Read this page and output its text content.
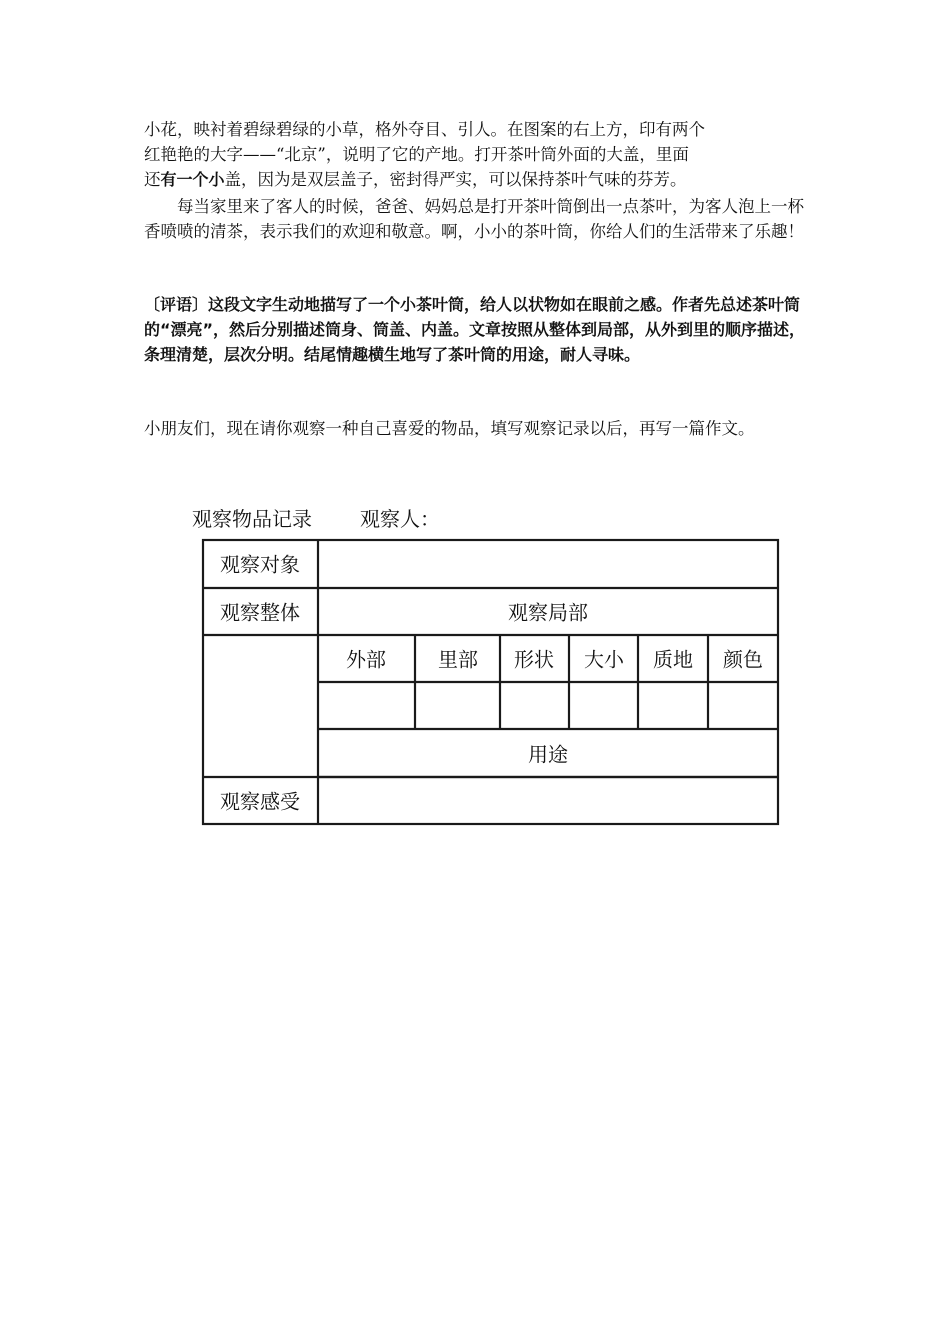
小花，映衬着碧绿碧绿的小草，格外夺目、引人。在图案的右上方，印有两个
红艳艳的大字——“北京”，说明了它的产地。打开茶叶筒外面的大盖，里面
还有一个小盖，因为是双层盖子，密封得严实，可以保持茶叶气味的芬芳。

每当家里来了客人的时候，爸爸、妈妈总是打开茶叶筒倒出一点茶叶，为客人泡上一杯香喷喷的清茶，表示我们的欢迎和敬意。啊，小小的茶叶筒，你给人们的生活带来了乐趣！

〔评语〕这段文字生动地描写了一个小茶叶筒，给人以状物如在眼前之感。作者先总述茶叶筒的“漂亮”，然后分别描述筒身、筒盖、内盖。文章按照从整体到局部，从外到里的顺序描述，条理清楚，层次分明。结尾情趣横生地写了茶叶筒的用途，耐人寻味。

小朋友们，现在请你观察一种自己喜爱的物品，填写观察记录以后，再写一篇作文。

观察物品记录 观察人：
观察对象
观察整体	观察局部
外部	里部 形状 大小 质地 颜色
用途
观察感受
